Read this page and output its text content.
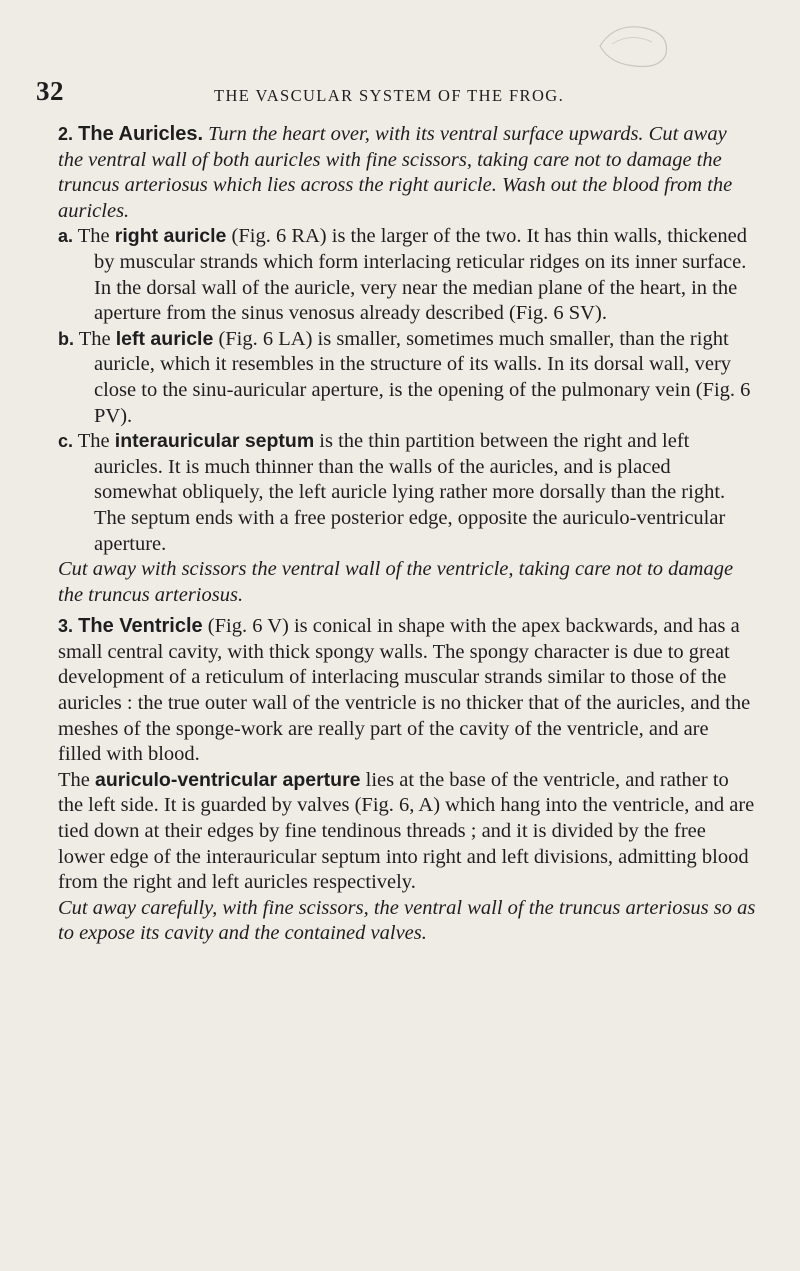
32	THE VASCULAR SYSTEM OF THE FROG.

2. The Auricles. Turn the heart over, with its ventral surface upwards. Cut away the ventral wall of both auricles with fine scissors, taking care not to damage the truncus arteriosus which lies across the right auricle. Wash out the blood from the auricles.

a. The right auricle (Fig. 6 RA) is the larger of the two. It has thin walls, thickened by muscular strands which form interlacing reticular ridges on its inner surface. In the dorsal wall of the auricle, very near the median plane of the heart, in the aperture from the sinus venosus already described (Fig. 6 SV).

b. The left auricle (Fig. 6 LA) is smaller, sometimes much smaller, than the right auricle, which it resembles in the structure of its walls. In its dorsal wall, very close to the sinu-auricular aperture, is the opening of the pulmonary vein (Fig. 6 PV).

c. The interauricular septum is the thin partition between the right and left auricles. It is much thinner than the walls of the auricles, and is placed somewhat obliquely, the left auricle lying rather more dorsally than the right. The septum ends with a free posterior edge, opposite the auriculo-ventricular aperture.

Cut away with scissors the ventral wall of the ventricle, taking care not to damage the truncus arteriosus.

3. The Ventricle (Fig. 6 V) is conical in shape with the apex backwards, and has a small central cavity, with thick spongy walls. The spongy character is due to great development of a reticulum of interlacing muscular strands similar to those of the auricles : the true outer wall of the ventricle is no thicker that of the auricles, and the meshes of the sponge-work are really part of the cavity of the ventricle, and are filled with blood.

The auriculo-ventricular aperture lies at the base of the ventricle, and rather to the left side. It is guarded by valves (Fig. 6, A) which hang into the ventricle, and are tied down at their edges by fine tendinous threads ; and it is divided by the free lower edge of the interauricular septum into right and left divisions, admitting blood from the right and left auricles respectively.

Cut away carefully, with fine scissors, the ventral wall of the truncus arteriosus so as to expose its cavity and the contained valves.
